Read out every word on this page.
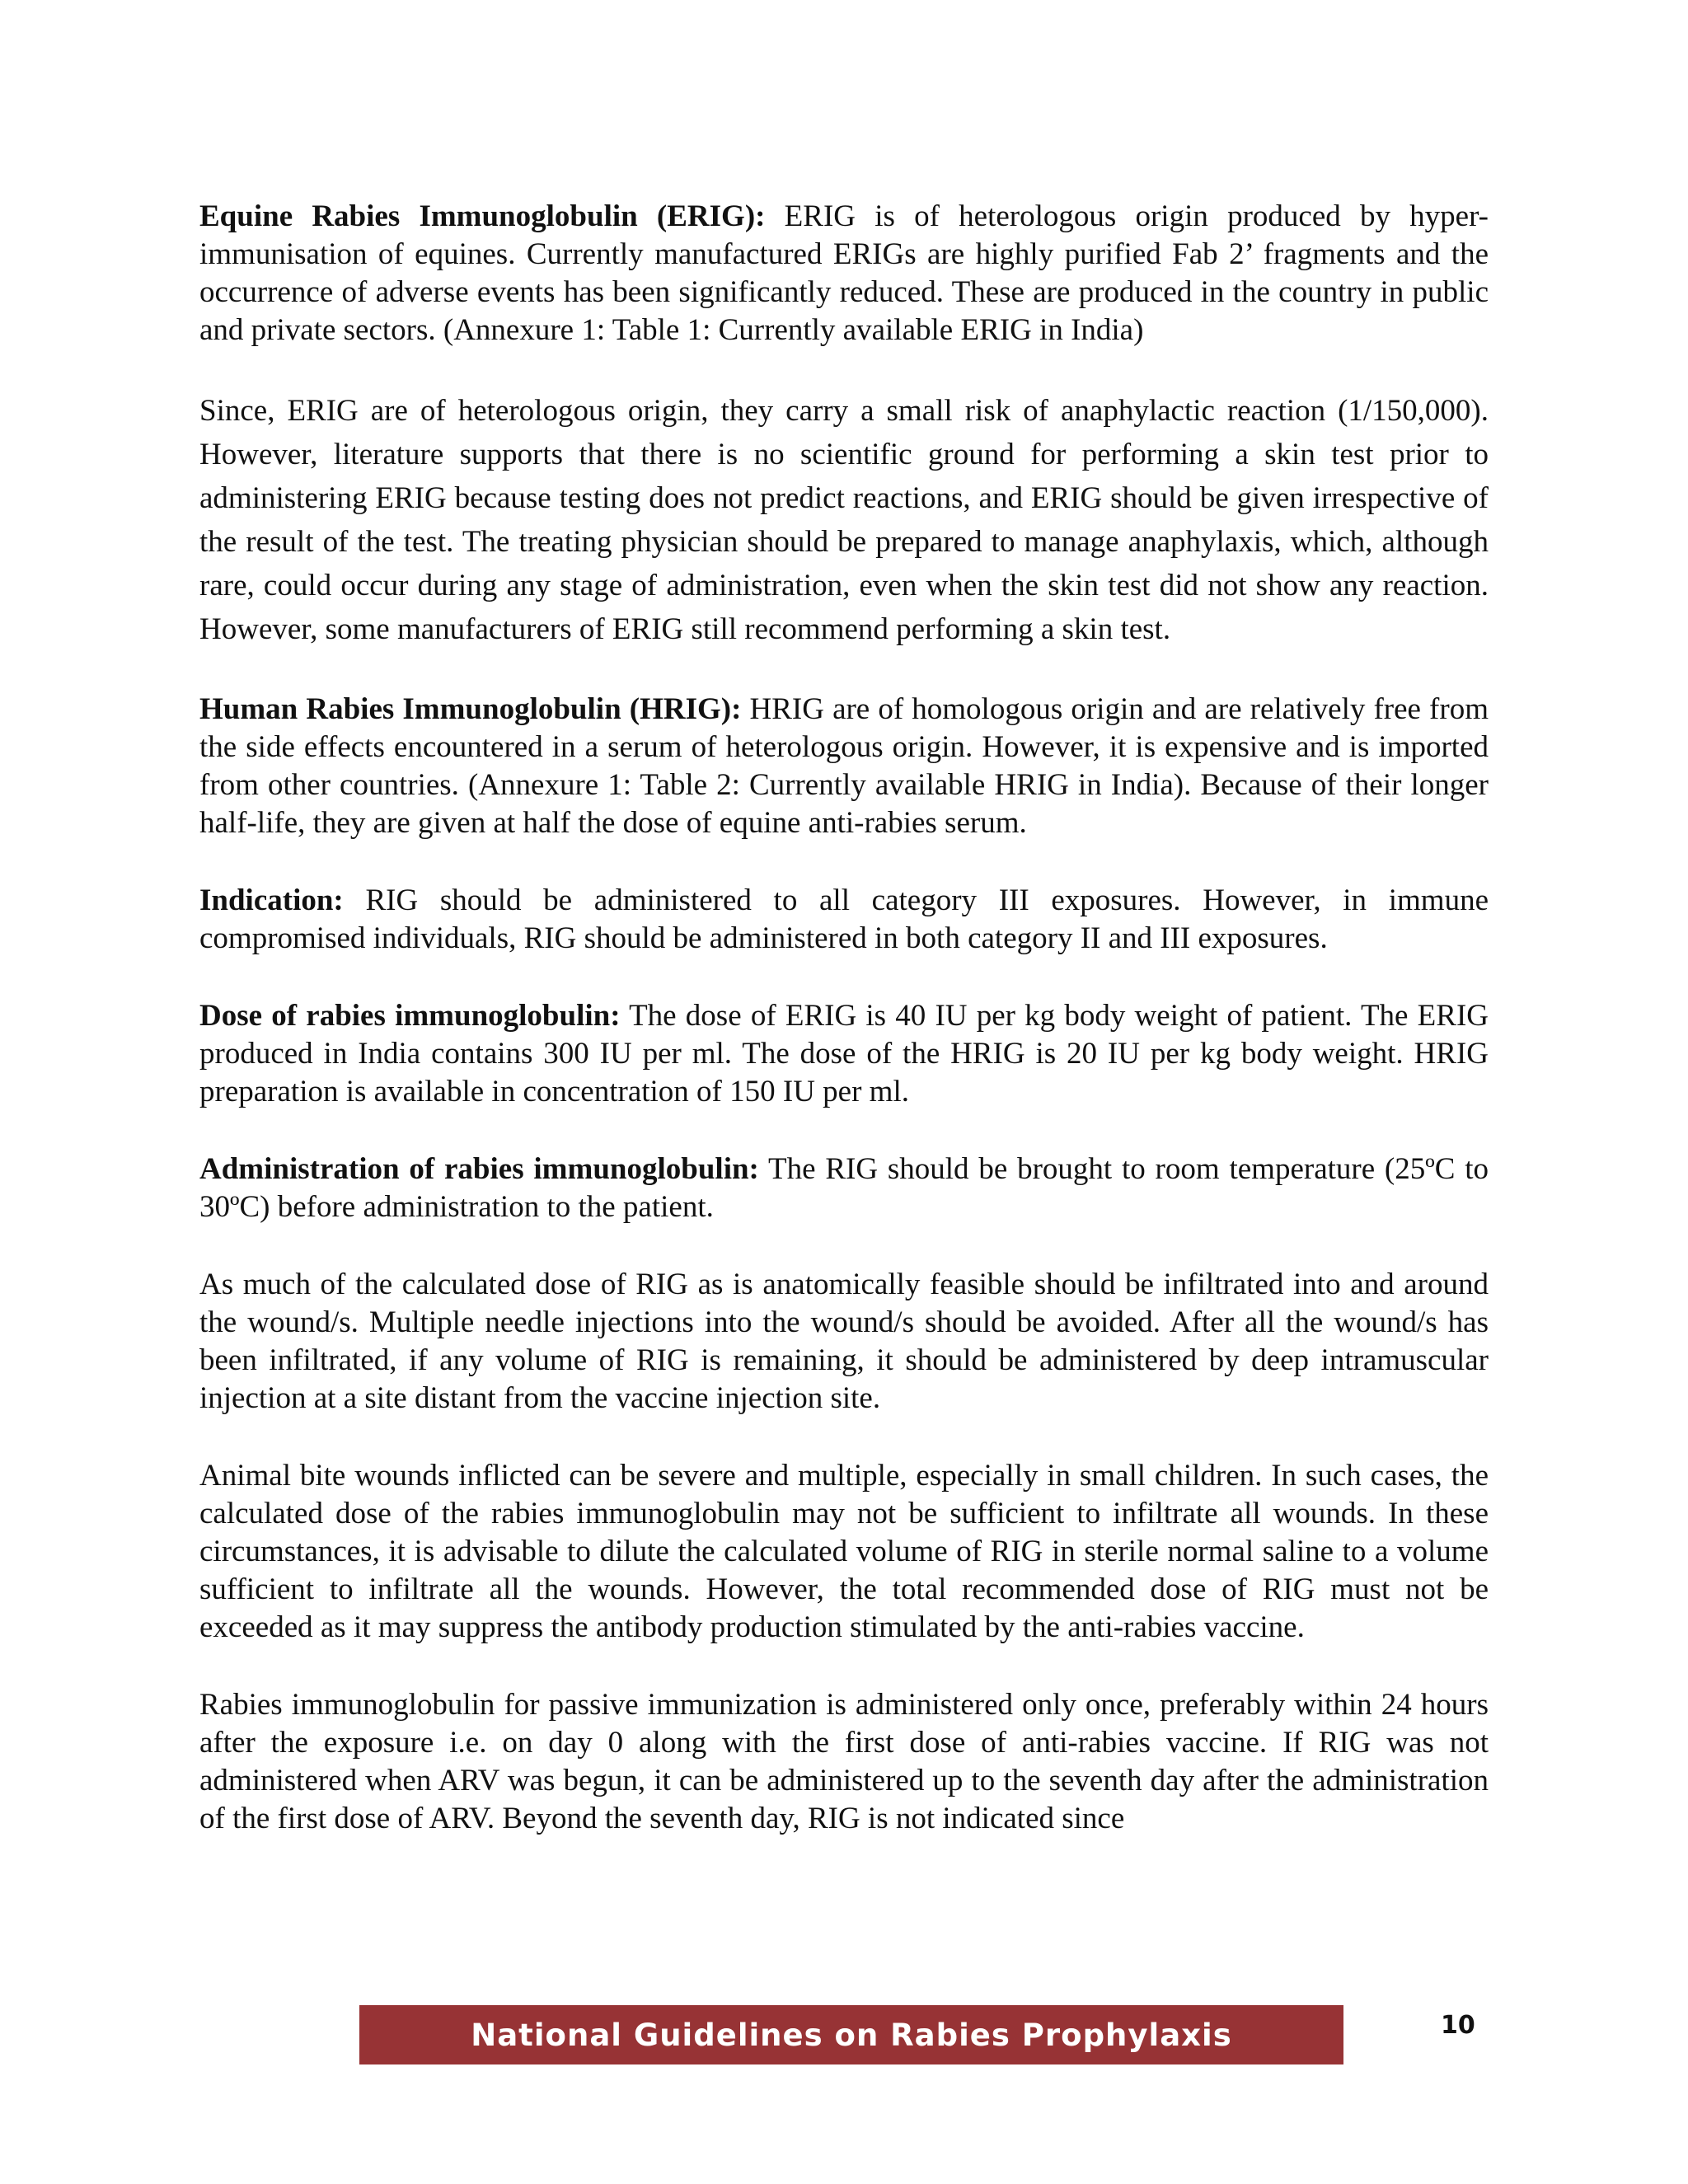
Equine Rabies Immunoglobulin (ERIG): ERIG is of heterologous origin produced by hyper-immunisation of equines. Currently manufactured ERIGs are highly purified Fab 2’ fragments and the occurrence of adverse events has been significantly reduced. These are produced in the country in public and private sectors. (Annexure 1: Table 1: Currently available ERIG in India)

Since, ERIG are of heterologous origin, they carry a small risk of anaphylactic reaction (1/150,000). However, literature supports that there is no scientific ground for performing a skin test prior to administering ERIG because testing does not predict reactions, and ERIG should be given irrespective of the result of the test. The treating physician should be prepared to manage anaphylaxis, which, although rare, could occur during any stage of administration, even when the skin test did not show any reaction. However, some manufacturers of ERIG still recommend performing a skin test.

Human Rabies Immunoglobulin (HRIG): HRIG are of homologous origin and are relatively free from the side effects encountered in a serum of heterologous origin. However, it is expensive and is imported from other countries. (Annexure 1: Table 2: Currently available HRIG in India). Because of their longer half-life, they are given at half the dose of equine anti-rabies serum.

Indication: RIG should be administered to all category III exposures. However, in immune compromised individuals, RIG should be administered in both category II and III exposures.

Dose of rabies immunoglobulin: The dose of ERIG is 40 IU per kg body weight of patient. The ERIG produced in India contains 300 IU per ml. The dose of the HRIG is 20 IU per kg body weight. HRIG preparation is available in concentration of 150 IU per ml.

Administration of rabies immunoglobulin: The RIG should be brought to room temperature (25ºC to 30ºC) before administration to the patient.

As much of the calculated dose of RIG as is anatomically feasible should be infiltrated into and around the wound/s. Multiple needle injections into the wound/s should be avoided. After all the wound/s has been infiltrated, if any volume of RIG is remaining, it should be administered by deep intramuscular injection at a site distant from the vaccine injection site.

Animal bite wounds inflicted can be severe and multiple, especially in small children. In such cases, the calculated dose of the rabies immunoglobulin may not be sufficient to infiltrate all wounds. In these circumstances, it is advisable to dilute the calculated volume of RIG in sterile normal saline to a volume sufficient to infiltrate all the wounds. However, the total recommended dose of RIG must not be exceeded as it may suppress the antibody production stimulated by the anti-rabies vaccine.

Rabies immunoglobulin for passive immunization is administered only once, preferably within 24 hours after the exposure i.e. on day 0 along with the first dose of anti-rabies vaccine. If RIG was not administered when ARV was begun, it can be administered up to the seventh day after the administration of the first dose of ARV. Beyond the seventh day, RIG is not indicated since

National Guidelines on Rabies Prophylaxis	10
